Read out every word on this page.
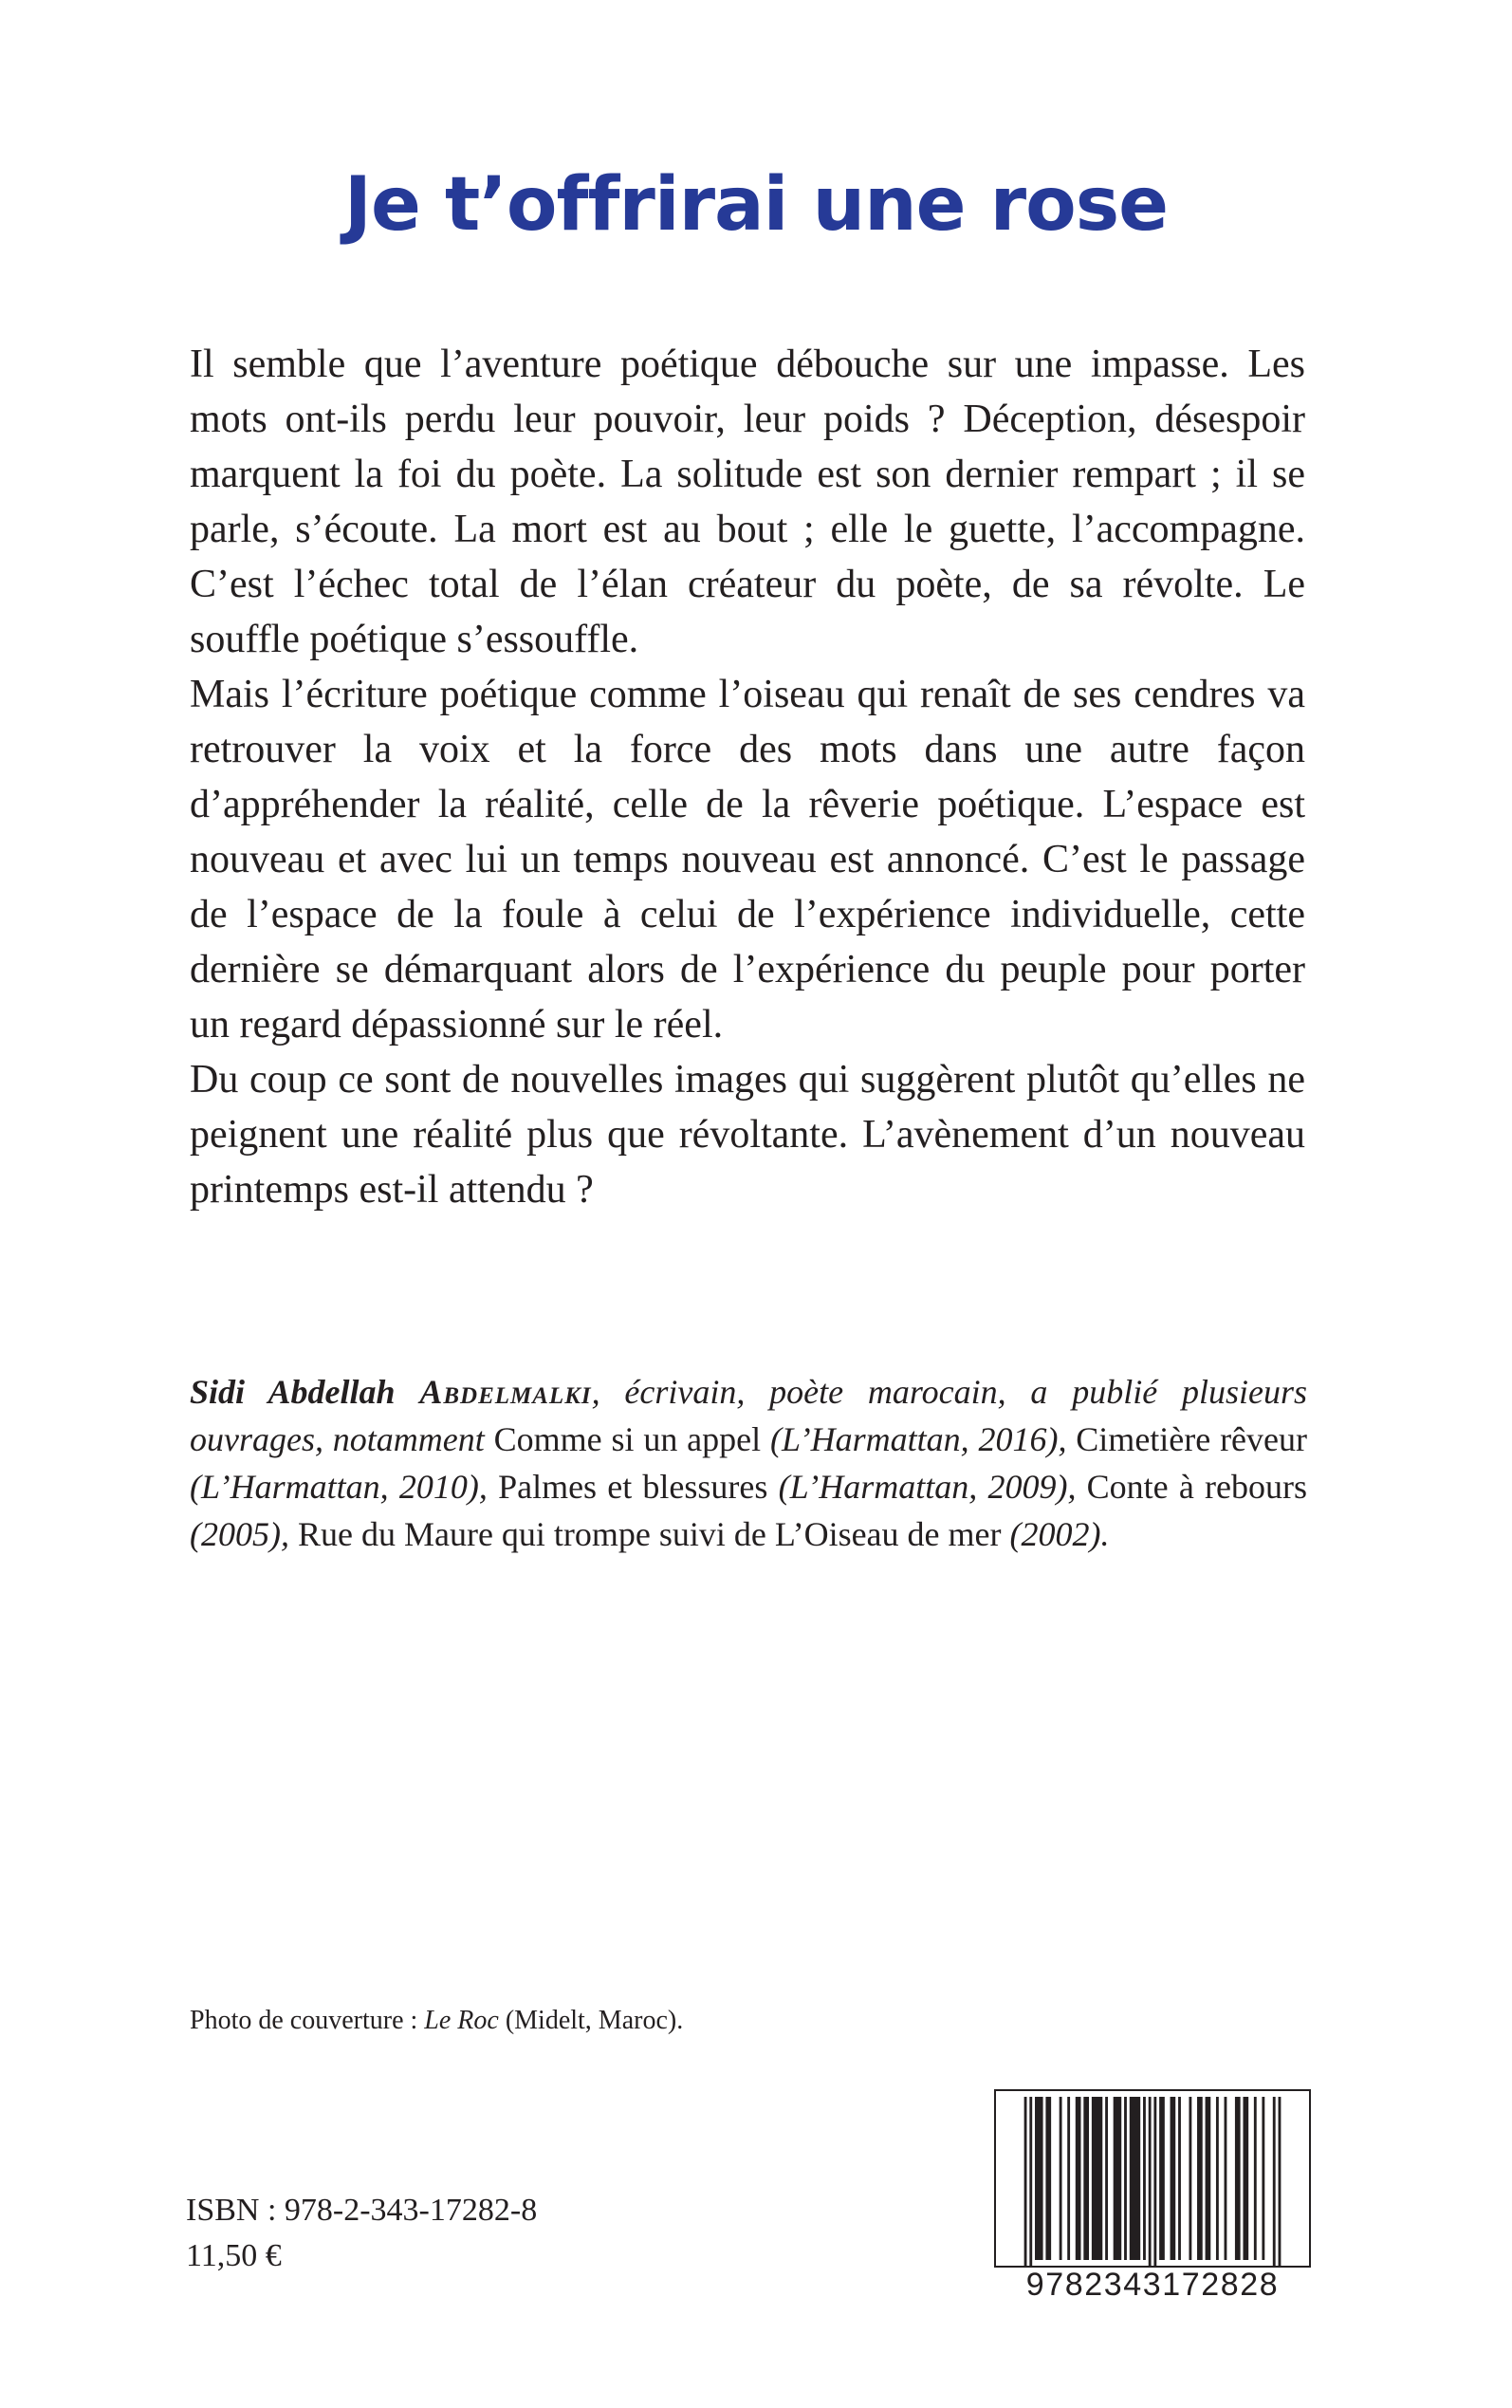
Je t’offrirai une rose

Il semble que l’aventure poétique débouche sur une impasse. Les mots ont-ils perdu leur pouvoir, leur poids ? Déception, désespoir marquent la foi du poète. La solitude est son dernier rempart ; il se parle, s’écoute. La mort est au bout ; elle le guette, l’accompagne. C’est l’échec total de l’élan créateur du poète, de sa révolte. Le souffle poétique s’essouffle.

Mais l’écriture poétique comme l’oiseau qui renaît de ses cendres va retrouver la voix et la force des mots dans une autre façon d’appréhender la réalité, celle de la rêverie poétique. L’espace est nouveau et avec lui un temps nouveau est annoncé. C’est le passage de l’espace de la foule à celui de l’expérience individuelle, cette dernière se démarquant alors de l’expérience du peuple pour porter un regard dépassionné sur le réel.

Du coup ce sont de nouvelles images qui suggèrent plutôt qu’elles ne peignent une réalité plus que révoltante. L’avènement d’un nouveau printemps est-il attendu ?

Sidi Abdellah Abdelmalki, écrivain, poète marocain, a publié plusieurs ouvrages, notamment Comme si un appel (L’Harmattan, 2016), Cimetière rêveur (L’Harmattan, 2010), Palmes et blessures (L’Harmattan, 2009), Conte à rebours (2005), Rue du Maure qui trompe suivi de L’Oiseau de mer (2002).
Photo de couverture : Le Roc (Midelt, Maroc).
9782343172828
ISBN : 978-2-343-17282-8
11,50 €
